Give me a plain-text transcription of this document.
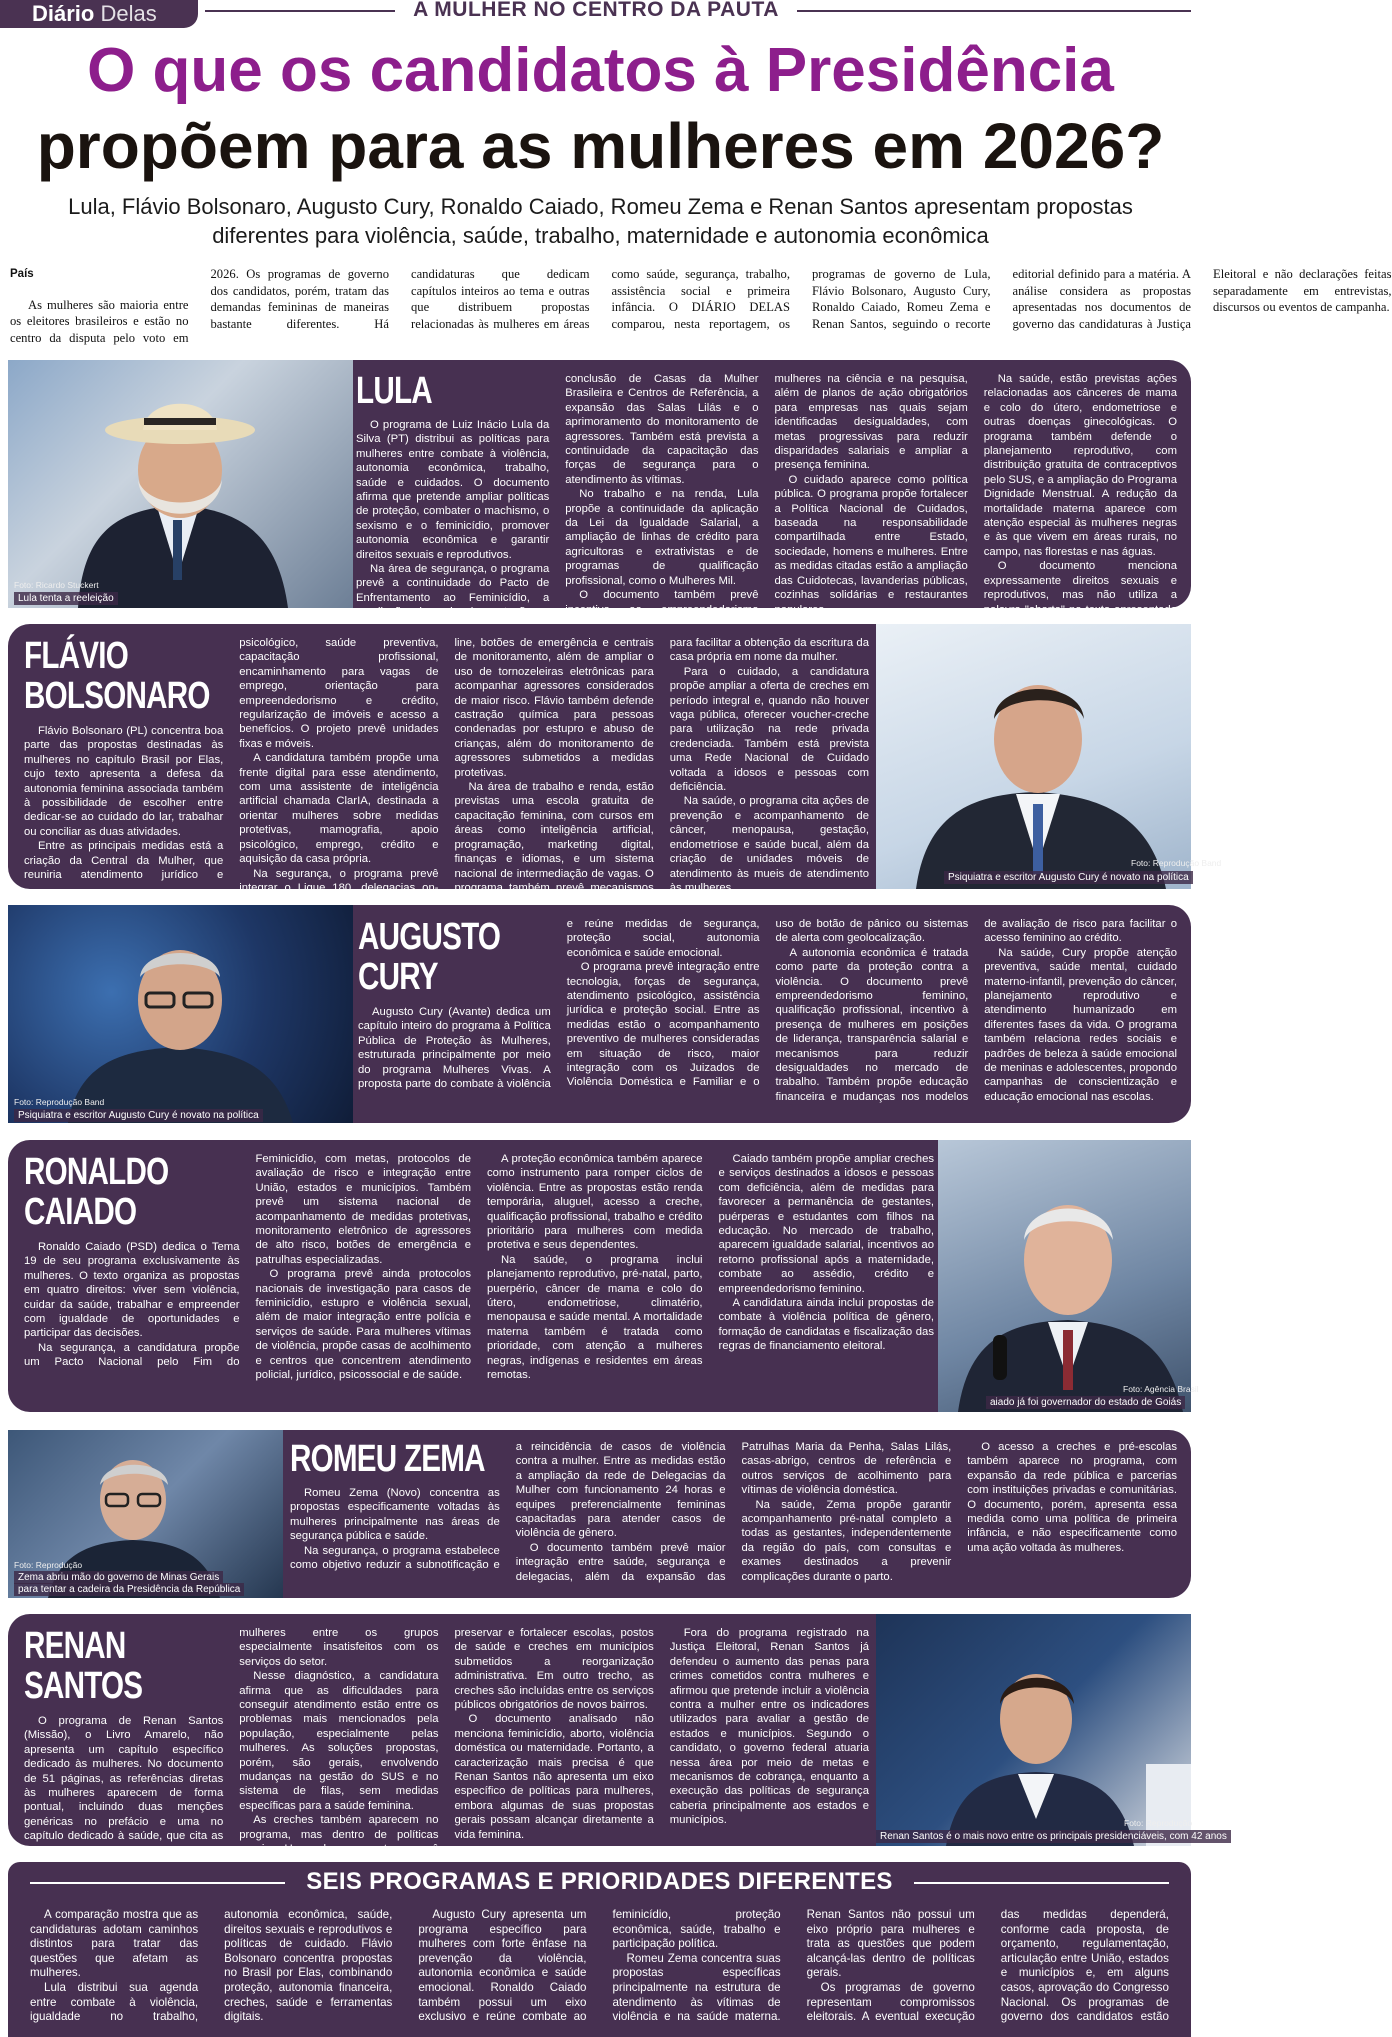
Diário Delas	A MULHER NO CENTRO DA PAUTA
O que os candidatos à Presidência
propõem para as mulheres em 2026?
Lula, Flávio Bolsonaro, Augusto Cury, Ronaldo Caiado, Romeu Zema e Renan Santos apresentam propostas diferentes para violência, saúde, trabalho, maternidade e autonomia econômica
País

As mulheres são maioria entre os eleitores brasileiros e estão no centro da disputa pelo voto em 2026. Os programas de governo dos candidatos, porém, tratam das demandas femininas de maneiras bastante diferentes. Há candidaturas que dedicam capítulos inteiros ao tema e outras que distribuem propostas relacionadas às mulheres em áreas como saúde, segurança, trabalho, assistência social e primeira infância. O DIÁRIO DELAS comparou, nesta reportagem, os programas de governo de Lula, Flávio Bolsonaro, Augusto Cury, Ronaldo Caiado, Romeu Zema e Renan Santos, seguindo o recorte editorial definido para a matéria. A análise considera as propostas apresentadas nos documentos de governo das candidaturas à Justiça Eleitoral e não declarações feitas separadamente em entrevistas, discursos ou eventos de campanha.

Foto: Ricardo Stuckert
Lula tenta a reeleição
LULA

O programa de Luiz Inácio Lula da Silva (PT) distribui as políticas para mulheres entre combate à violência, autonomia econômica, trabalho, saúde e cuidados. O documento afirma que pretende ampliar políticas de proteção, combater o machismo, o sexismo e o feminicídio, promover autonomia econômica e garantir direitos sexuais e reprodutivos.

Na área de segurança, o programa prevê a continuidade do Pacto de Enfrentamento ao Feminicídio, a ampliação da rede de proteção, a conclusão de Casas da Mulher Brasileira e Centros de Referência, a expansão das Salas Lilás e o aprimoramento do monitoramento de agressores. Também está prevista a continuidade da capacitação das forças de segurança para o atendimento às vítimas.

No trabalho e na renda, Lula propõe a continuidade da aplicação da Lei da Igualdade Salarial, a ampliação de linhas de crédito para agricultoras e extrativistas e de programas de qualificação profissional, como o Mulheres Mil.

O documento também prevê incentivo ao empreendedorismo mulheres na ciência e na pesquisa, além de planos de ação obrigatórios para empresas nas quais sejam identificadas desigualdades, com metas progressivas para reduzir disparidades salariais e ampliar a presença feminina.

O cuidado aparece como política pública. O programa propõe fortalecer a Política Nacional de Cuidados, baseada na responsabilidade compartilhada entre Estado, sociedade, homens e mulheres. Entre as medidas citadas estão a ampliação das Cuidotecas, lavanderias públicas, cozinhas solidárias e restaurantes populares.

Na saúde, estão previstas ações relacionadas aos cânceres de mama e colo do útero, endometriose e outras doenças ginecológicas. O programa também defende o planejamento reprodutivo, com distribuição gratuita de contraceptivos pelo SUS, e a ampliação do Programa Dignidade Menstrual. A redução da mortalidade materna aparece com atenção especial às mulheres negras e às que vivem em áreas rurais, no campo, nas florestas e nas águas.

O documento menciona expressamente direitos sexuais e reprodutivos, mas não utiliza a palavra "aborto" no texto apresentado

FLÁVIO BOLSONARO

Flávio Bolsonaro (PL) concentra boa parte das propostas destinadas às mulheres no capítulo Brasil por Elas, cujo texto apresenta a defesa da autonomia feminina associada também à possibilidade de escolher entre dedicar-se ao cuidado do lar, trabalhar ou conciliar as duas atividades.

Entre as principais medidas está a criação da Central da Mulher, que reuniria atendimento jurídico e psicológico, saúde preventiva, capacitação profissional, encaminhamento para vagas de emprego, orientação para empreendedorismo e crédito, regularização de imóveis e acesso a benefícios. O projeto prevê unidades fixas e móveis.

A candidatura também propõe uma frente digital para esse atendimento, com uma assistente de inteligência artificial chamada ClarIA, destinada a orientar mulheres sobre medidas protetivas, mamografia, apoio psicológico, emprego, crédito e aquisição da casa própria.

Na segurança, o programa prevê integrar o Ligue 180, delegacias on-line, botões de emergência e centrais de monitoramento, além de ampliar o uso de tornozeleiras eletrônicas para acompanhar agressores considerados de maior risco. Flávio também defende castração química para pessoas condenadas por estupro e abuso de crianças, além do monitoramento de agressores submetidos a medidas protetivas.

Na área de trabalho e renda, estão previstas uma escola gratuita de capacitação feminina, com cursos em áreas como inteligência artificial, programação, marketing digital, finanças e idiomas, e um sistema nacional de intermediação de vagas. O programa também prevê mecanismos para facilitar a obtenção da escritura da casa própria em nome da mulher.

Para o cuidado, a candidatura propõe ampliar a oferta de creches em período integral e, quando não houver vaga pública, oferecer voucher-creche para utilização na rede privada credenciada. Também está prevista uma Rede Nacional de Cuidado voltada a idosos e pessoas com deficiência.

Na saúde, o programa cita ações de prevenção e acompanhamento de câncer, menopausa, gestação, endometriose e saúde bucal, além da criação de unidades móveis de atendimento às mueis de atendimento às mulheres.

Foto: Reprodução Band
Psiquiatra e escritor Augusto Cury é novato na política
Foto: Reprodução Band
Psiquiatra e escritor Augusto Cury é novato na política
AUGUSTO CURY

Augusto Cury (Avante) dedica um capítulo inteiro do programa à Política Pública de Proteção às Mulheres, estruturada principalmente por meio do programa Mulheres Vivas. A proposta parte do combate à violência e reúne medidas de segurança, proteção social, autonomia econômica e saúde emocional.

O programa prevê integração entre tecnologia, forças de segurança, atendimento psicológico, assistência jurídica e proteção social. Entre as medidas estão o acompanhamento preventivo de mulheres consideradas em situação de risco, maior integração com os Juizados de Violência Doméstica e Familiar e o uso de botão de pânico ou sistemas de alerta com geolocalização.

A autonomia econômica é tratada como parte da proteção contra a violência. O documento prevê empreendedorismo feminino, qualificação profissional, incentivo à presença de mulheres em posições de liderança, transparência salarial e mecanismos para reduzir desigualdades no mercado de trabalho. Também propõe educação financeira e mudanças nos modelos de avaliação de risco para facilitar o acesso feminino ao crédito.

Na saúde, Cury propõe atenção preventiva, saúde mental, cuidado materno-infantil, prevenção do câncer, planejamento reprodutivo e atendimento humanizado em diferentes fases da vida. O programa também relaciona redes sociais e padrões de beleza à saúde emocional de meninas e adolescentes, propondo campanhas de conscientização e educação emocional nas escolas.

RONALDO CAIADO

Ronaldo Caiado (PSD) dedica o Tema 19 de seu programa exclusivamente às mulheres. O texto organiza as propostas em quatro direitos: viver sem violência, cuidar da saúde, trabalhar e empreender com igualdade de oportunidades e participar das decisões.

Na segurança, a candidatura propõe um Pacto Nacional pelo Fim do Feminicídio, com metas, protocolos de avaliação de risco e integração entre União, estados e municípios. Também prevê um sistema nacional de acompanhamento de medidas protetivas, monitoramento eletrônico de agressores de alto risco, botões de emergência e patrulhas especializadas.

O programa prevê ainda protocolos nacionais de investigação para casos de feminicídio, estupro e violência sexual, além de maior integração entre polícia e serviços de saúde. Para mulheres vítimas de violência, propõe casas de acolhimento e centros que concentrem atendimento policial, jurídico, psicossocial e de saúde.

A proteção econômica também aparece como instrumento para romper ciclos de violência. Entre as propostas estão renda temporária, aluguel, acesso a creche, qualificação profissional, trabalho e crédito prioritário para mulheres com medida protetiva e seus dependentes.

Na saúde, o programa inclui planejamento reprodutivo, pré-natal, parto, puerpério, câncer de mama e colo do útero, endometriose, climatério, menopausa e saúde mental. A mortalidade materna também é tratada como prioridade, com atenção a mulheres negras, indígenas e residentes em áreas remotas.

Caiado também propõe ampliar creches e serviços destinados a idosos e pessoas com deficiência, além de medidas para favorecer a permanência de gestantes, puérperas e estudantes com filhos na educação. No mercado de trabalho, aparecem igualdade salarial, incentivos ao retorno profissional após a maternidade, combate ao assédio, crédito e empreendedorismo feminino.

A candidatura ainda inclui propostas de combate à violência política de gênero, formação de candidatas e fiscalização das regras de financiamento eleitoral.

Foto: Agência Brasil
aiado já foi governador do estado de Goiás
Foto: Reprodução
Zema abriu mão do governo de Minas Gerais
para tentar a cadeira da Presidência da República
ROMEU ZEMA

Romeu Zema (Novo) concentra as propostas especificamente voltadas às mulheres principalmente nas áreas de segurança pública e saúde.

Na segurança, o programa estabelece como objetivo reduzir a subnotificação e a reincidência de casos de violência contra a mulher. Entre as medidas estão a ampliação da rede de Delegacias da Mulher com funcionamento 24 horas e equipes preferencialmente femininas capacitadas para atender casos de violência de gênero.

O documento também prevê maior integração entre saúde, segurança e delegacias, além da expansão das Patrulhas Maria da Penha, Salas Lilás, casas-abrigo, centros de referência e outros serviços de acolhimento para vítimas de violência doméstica.

Na saúde, Zema propõe garantir acompanhamento pré-natal completo a todas as gestantes, independentemente da região do país, com consultas e exames destinados a prevenir complicações durante o parto.

O acesso a creches e pré-escolas também aparece no programa, com expansão da rede pública e parcerias com instituições privadas e comunitárias. O documento, porém, apresenta essa medida como uma política de primeira infância, e não especificamente como uma ação voltada às mulheres.

RENAN SANTOS

O programa de Renan Santos (Missão), o Livro Amarelo, não apresenta um capítulo específico dedicado às mulheres. No documento de 51 páginas, as referências diretas às mulheres aparecem de forma pontual, incluindo duas menções genéricas no prefácio e uma no capítulo dedicado à saúde, que cita as mulheres entre os grupos especialmente insatisfeitos com os serviços do setor.

Nesse diagnóstico, a candidatura afirma que as dificuldades para conseguir atendimento estão entre os problemas mais mencionados pela população, especialmente pelas mulheres. As soluções propostas, porém, são gerais, envolvendo mudanças na gestão do SUS e no sistema de filas, sem medidas específicas para a saúde feminina.

As creches também aparecem no programa, mas dentro de políticas gerais. Uma das propostas prevê preservar e fortalecer escolas, postos de saúde e creches em municípios submetidos a reorganização administrativa. Em outro trecho, as creches são incluídas entre os serviços públicos obrigatórios de novos bairros.

O documento analisado não menciona feminicídio, aborto, violência doméstica ou maternidade. Portanto, a caracterização mais precisa é que Renan Santos não apresenta um eixo específico de políticas para mulheres, embora algumas de suas propostas gerais possam alcançar diretamente a vida feminina.

Fora do programa registrado na Justiça Eleitoral, Renan Santos já defendeu o aumento das penas para crimes cometidos contra mulheres e afirmou que pretende incluir a violência contra a mulher entre os indicadores utilizados para avaliar a gestão de estados e municípios. Segundo o candidato, o governo federal atuaria nessa área por meio de metas e mecanismos de cobrança, enquanto a execução das políticas de segurança caberia principalmente aos estados e municípios.	Foto: Reprodução
Renan Santos é o mais novo entre os principais presidenciáveis, com 42 anos
SEIS PROGRAMAS E PRIORIDADES DIFERENTES

A comparação mostra que as candidaturas adotam caminhos distintos para tratar das questões que afetam as mulheres.

Lula distribui sua agenda entre combate à violência, igualdade no trabalho, autonomia econômica, saúde, direitos sexuais e reprodutivos e políticas de cuidado. Flávio Bolsonaro concentra propostas no Brasil por Elas, combinando proteção, autonomia financeira, creches, saúde e ferramentas digitais.

Augusto Cury apresenta um programa específico para mulheres com forte ênfase na prevenção da violência, autonomia econômica e saúde emocional. Ronaldo Caiado também possui um eixo exclusivo e reúne combate ao feminicídio, proteção econômica, saúde, trabalho e participação política.

Romeu Zema concentra suas propostas específicas principalmente na estrutura de atendimento às vítimas de violência e na saúde materna. Renan Santos não possui um eixo próprio para mulheres e trata as questões que podem alcançá-las dentro de políticas gerais.

Os programas de governo representam compromissos eleitorais. A eventual execução das medidas dependerá, conforme cada proposta, de orçamento, regulamentação, articulação entre União, estados e municípios e, em alguns casos, aprovação do Congresso Nacional. Os programas de governo dos candidatos estão disponíveis na base de divulgação de candidaturas e contas eleitorais do Tribunal Superior Eleitoral.
